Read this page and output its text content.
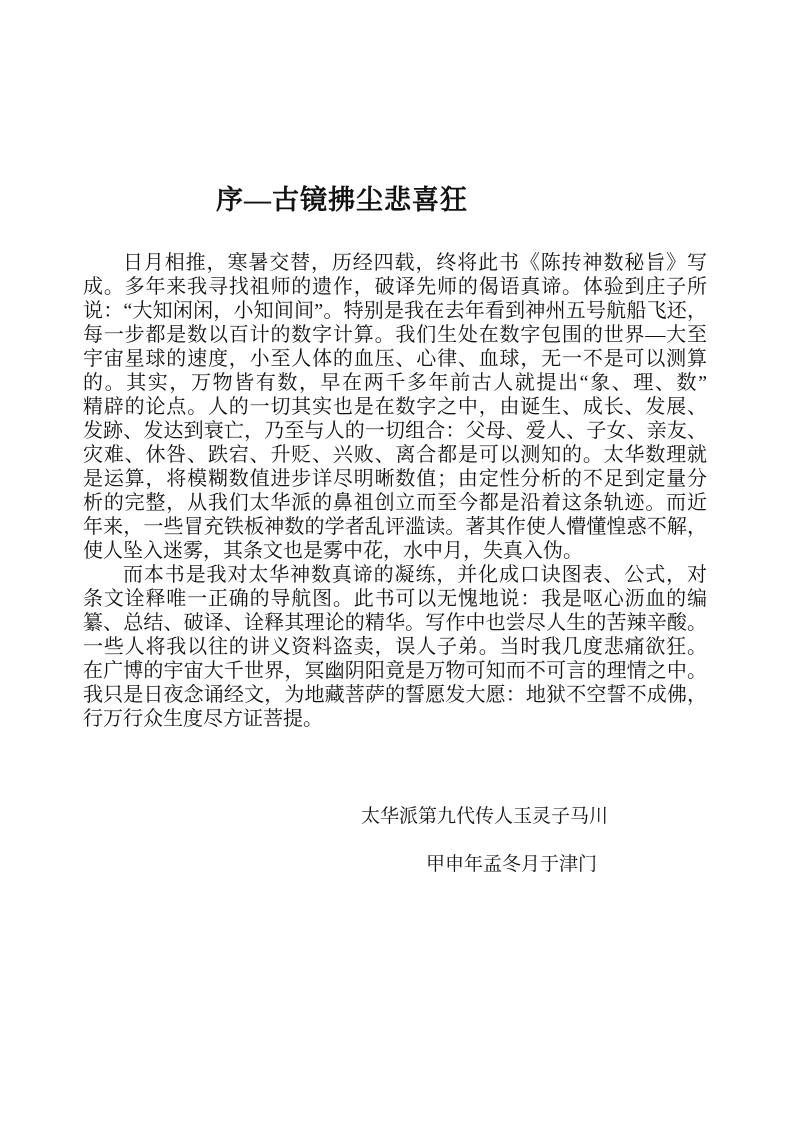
序—古镜拂尘悲喜狂
日月相推，寒暑交替，历经四载，终将此书《陈抟神数秘旨》写
成。多年来我寻找祖师的遗作，破译先师的偈语真谛。体验到庄子所
说：“大知闲闲，小知间间”。特别是我在去年看到神州五号航船飞还，
每一步都是数以百计的数字计算。我们生处在数字包围的世界—大至
宇宙星球的速度，小至人体的血压、心律、血球，无一不是可以测算
的。其实，万物皆有数，早在两千多年前古人就提出“象、理、数”
精辟的论点。人的一切其实也是在数字之中，由诞生、成长、发展、
发跡、发达到衰亡，乃至与人的一切组合：父母、爱人、子女、亲友、
灾难、休咎、跌宕、升贬、兴败、离合都是可以测知的。太华数理就
是运算，将模糊数值进步详尽明晰数值；由定性分析的不足到定量分
析的完整，从我们太华派的鼻祖创立而至今都是沿着这条轨迹。而近
年来，一些冒充铁板神数的学者乱评滥读。著其作使人懵懂惶惑不解，
使人坠入迷雾，其条文也是雾中花，水中月，失真入伪。
而本书是我对太华神数真谛的凝练，并化成口诀图表、公式，对
条文诠释唯一正确的导航图。此书可以无愧地说：我是呕心沥血的编
纂、总结、破译、诠释其理论的精华。写作中也尝尽人生的苦辣辛酸。
一些人将我以往的讲义资料盗卖，误人子弟。当时我几度悲痛欲狂。
在广博的宇宙大千世界，冥幽阴阳竟是万物可知而不可言的理情之中。
我只是日夜念诵经文，为地藏菩萨的誓愿发大愿：地狱不空誓不成佛，
行万行众生度尽方证菩提。
太华派第九代传人玉灵子马川
甲申年孟冬月于津门
